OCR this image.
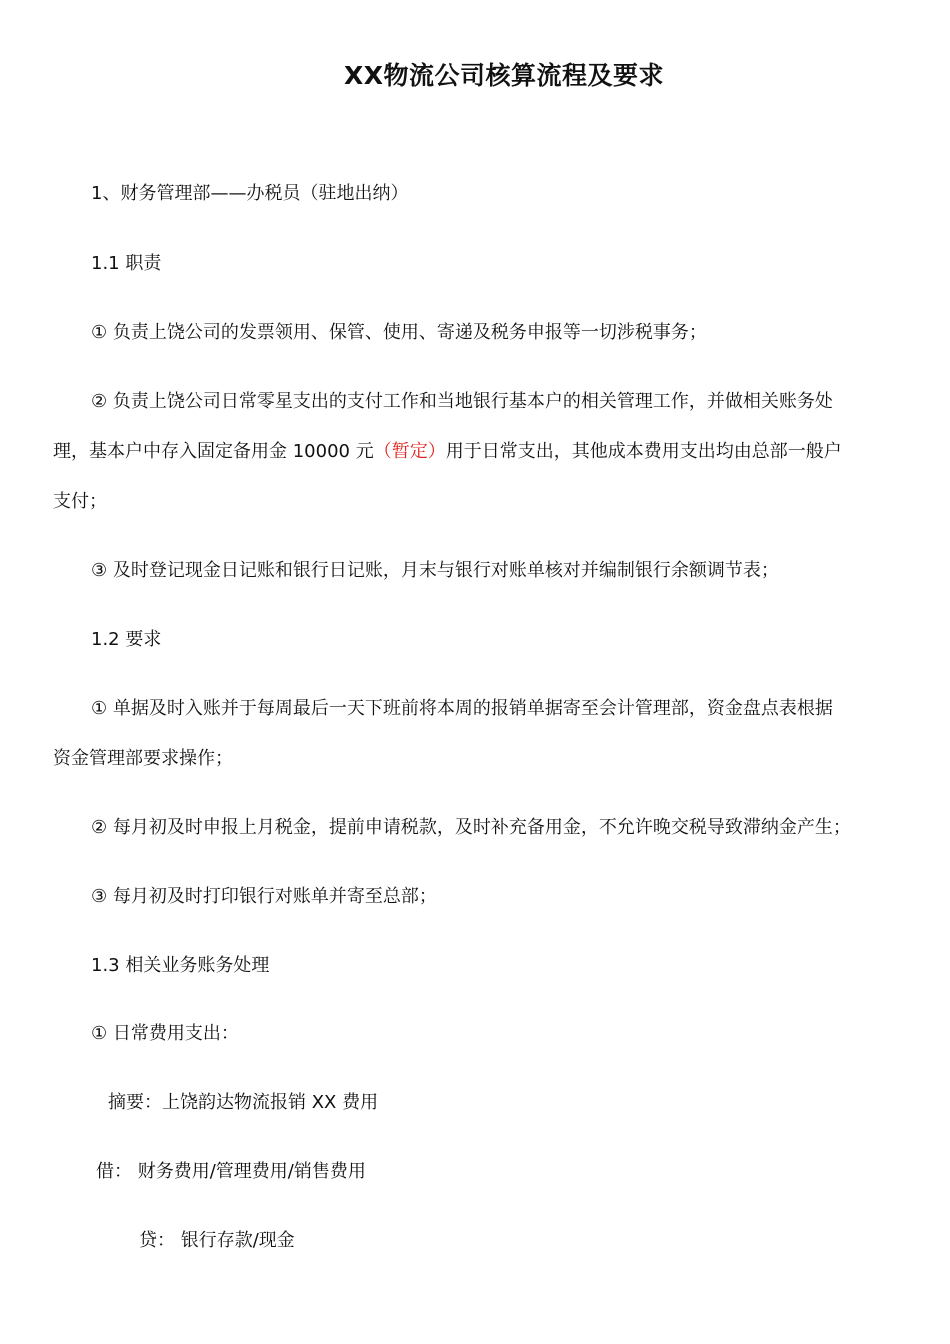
XX物流公司核算流程及要求
1、财务管理部——办税员（驻地出纳）
1.1 职责
① 负责上饶公司的发票领用、保管、使用、寄递及税务申报等一切涉税事务；
② 负责上饶公司日常零星支出的支付工作和当地银行基本户的相关管理工作，并做相关账务处
理，基本户中存入固定备用金 10000 元（暂定）用于日常支出，其他成本费用支出均由总部一般户
支付；
③ 及时登记现金日记账和银行日记账，月末与银行对账单核对并编制银行余额调节表；
1.2 要求
① 单据及时入账并于每周最后一天下班前将本周的报销单据寄至会计管理部，资金盘点表根据
资金管理部要求操作；
② 每月初及时申报上月税金，提前申请税款，及时补充备用金，不允许晚交税导致滞纳金产生；
③ 每月初及时打印银行对账单并寄至总部；
1.3 相关业务账务处理
① 日常费用支出：
摘要：上饶韵达物流报销 XX 费用
借： 财务费用/管理费用/销售费用
贷： 银行存款/现金
